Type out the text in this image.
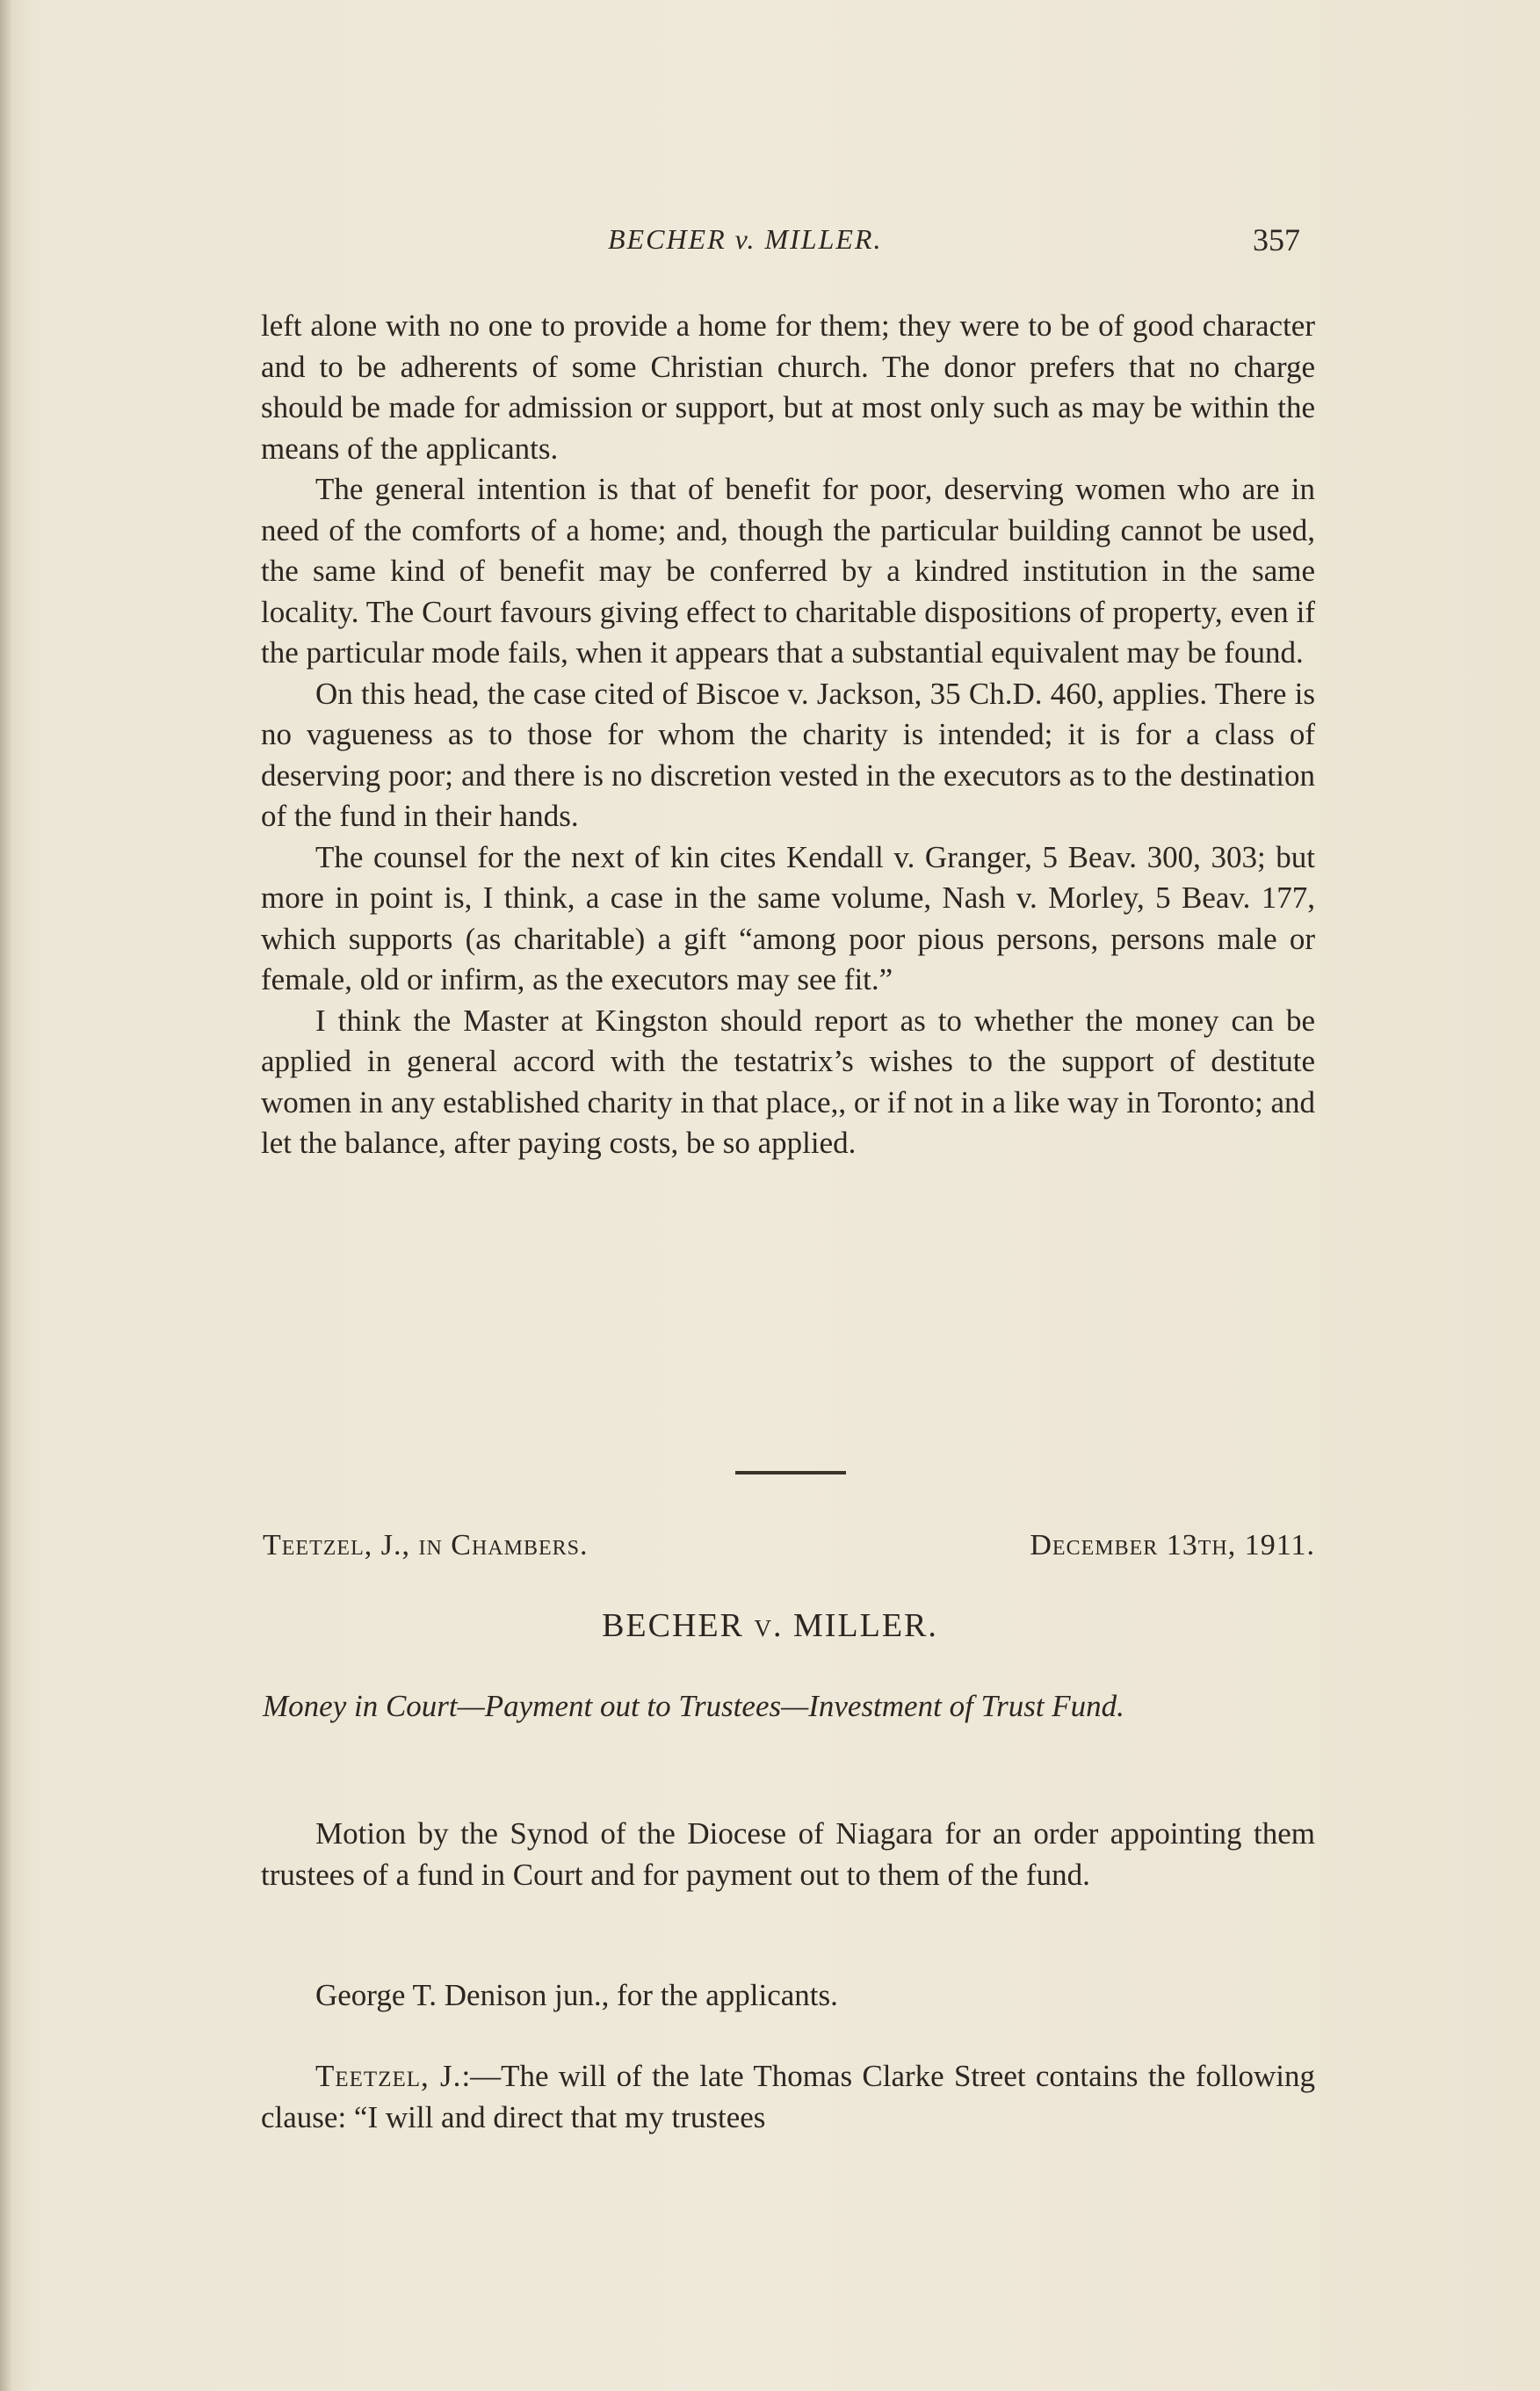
BECHER v. MILLER.	357

left alone with no one to provide a home for them; they were to be of good character and to be adherents of some Christian church. The donor prefers that no charge should be made for admission or support, but at most only such as may be within the means of the applicants.

The general intention is that of benefit for poor, deserving women who are in need of the comforts of a home; and, though the particular building cannot be used, the same kind of benefit may be conferred by a kindred institution in the same locality. The Court favours giving effect to charitable dispositions of property, even if the particular mode fails, when it appears that a substantial equivalent may be found.

On this head, the case cited of Biscoe v. Jackson, 35 Ch.D. 460, applies. There is no vagueness as to those for whom the charity is intended; it is for a class of deserving poor; and there is no discretion vested in the executors as to the destination of the fund in their hands.

The counsel for the next of kin cites Kendall v. Granger, 5 Beav. 300, 303; but more in point is, I think, a case in the same volume, Nash v. Morley, 5 Beav. 177, which supports (as charitable) a gift “among poor pious persons, persons male or female, old or infirm, as the executors may see fit.”

I think the Master at Kingston should report as to whether the money can be applied in general accord with the testatrix’s wishes to the support of destitute women in any established charity in that place,, or if not in a like way in Toronto; and let the balance, after paying costs, be so applied.

Teetzel, J., in Chambers.	December 13th, 1911.
BECHER v. MILLER.

Money in Court—Payment out to Trustees—Investment of Trust Fund.

Motion by the Synod of the Diocese of Niagara for an order appointing them trustees of a fund in Court and for payment out to them of the fund.

George T. Denison jun., for the applicants.

Teetzel, J.:—The will of the late Thomas Clarke Street contains the following clause: “I will and direct that my trustees
